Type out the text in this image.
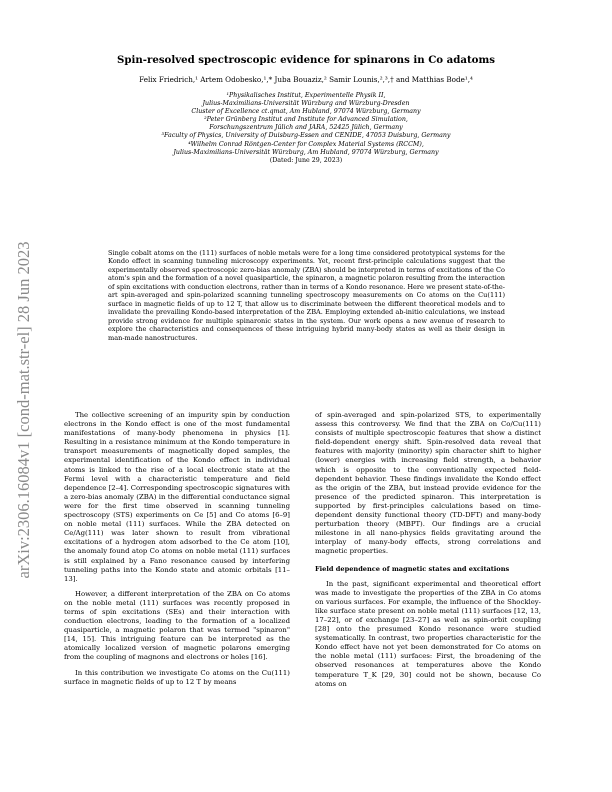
arXiv:2306.16084v1 [cond-mat.str-el] 28 Jun 2023
Spin-resolved spectroscopic evidence for spinarons in Co adatoms
Felix Friedrich,¹ Artem Odobesko,¹,* Juba Bouaziz,² Samir Lounis,²,³,† and Matthias Bode¹,⁴
¹Physikalisches Institut, Experimentelle Physik II,
Julius-Maximilians-Universität Würzburg and Würzburg-Dresden
Cluster of Excellence ct.qmat, Am Hubland, 97074 Würzburg, Germany
²Peter Grünberg Institut and Institute for Advanced Simulation,
Forschungszentrum Jülich and JARA, 52425 Jülich, Germany
³Faculty of Physics, University of Duisburg-Essen and CENIDE, 47053 Duisburg, Germany
⁴Wilhelm Conrad Röntgen-Center for Complex Material Systems (RCCM),
Julius-Maximilians-Universität Würzburg, Am Hubland, 97074 Würzburg, Germany
(Dated: June 29, 2023)
Single cobalt atoms on the (111) surfaces of noble metals were for a long time considered prototypical systems for the Kondo effect in scanning tunneling microscopy experiments. Yet, recent first-principle calculations suggest that the experimentally observed spectroscopic zero-bias anomaly (ZBA) should be interpreted in terms of excitations of the Co atom's spin and the formation of a novel quasiparticle, the spinaron, a magnetic polaron resulting from the interaction of spin excitations with conduction electrons, rather than in terms of a Kondo resonance. Here we present state-of-the-art spin-averaged and spin-polarized scanning tunneling spectroscopy measurements on Co atoms on the Cu(111) surface in magnetic fields of up to 12 T, that allow us to discriminate between the different theoretical models and to invalidate the prevailing Kondo-based interpretation of the ZBA. Employing extended ab-initio calculations, we instead provide strong evidence for multiple spinaronic states in the system. Our work opens a new avenue of research to explore the characteristics and consequences of these intriguing hybrid many-body states as well as their design in man-made nanostructures.

The collective screening of an impurity spin by conduction electrons in the Kondo effect is one of the most fundamental manifestations of many-body phenomena in physics [1]. Resulting in a resistance minimum at the Kondo temperature in transport measurements of magnetically doped samples, the experimental identification of the Kondo effect in individual atoms is linked to the rise of a local electronic state at the Fermi level with a characteristic temperature and field dependence [2–4]. Corresponding spectroscopic signatures with a zero-bias anomaly (ZBA) in the differential conductance signal were for the first time observed in scanning tunneling spectroscopy (STS) experiments on Ce [5] and Co atoms [6–9] on noble metal (111) surfaces. While the ZBA detected on Ce/Ag(111) was later shown to result from vibrational excitations of a hydrogen atom adsorbed to the Ce atom [10], the anomaly found atop Co atoms on noble metal (111) surfaces is still explained by a Fano resonance caused by interfering tunneling paths into the Kondo state and atomic orbitals [11–13].

However, a different interpretation of the ZBA on Co atoms on the noble metal (111) surfaces was recently proposed in terms of spin excitations (SEs) and their interaction with conduction electrons, leading to the formation of a localized quasiparticle, a magnetic polaron that was termed "spinaron" [14, 15]. This intriguing feature can be interpreted as the atomically localized version of magnetic polarons emerging from the coupling of magnons and electrons or holes [16].

In this contribution we investigate Co atoms on the Cu(111) surface in magnetic fields of up to 12 T by means

of spin-averaged and spin-polarized STS, to experimentally assess this controversy. We find that the ZBA on Co/Cu(111) consists of multiple spectroscopic features that show a distinct field-dependent energy shift. Spin-resolved data reveal that features with majority (minority) spin character shift to higher (lower) energies with increasing field strength, a behavior which is opposite to the conventionally expected field-dependent behavior. These findings invalidate the Kondo effect as the origin of the ZBA, but instead provide evidence for the presence of the predicted spinaron. This interpretation is supported by first-principles calculations based on time-dependent density functional theory (TD-DFT) and many-body perturbation theory (MBPT). Our findings are a crucial milestone in all nano-physics fields gravitating around the interplay of many-body effects, strong correlations and magnetic properties.

Field dependence of magnetic states and excitations

In the past, significant experimental and theoretical effort was made to investigate the properties of the ZBA in Co atoms on various surfaces. For example, the influence of the Shockley-like surface state present on noble metal (111) surfaces [12, 13, 17–22], or of exchange [23–27] as well as spin-orbit coupling [28] onto the presumed Kondo resonance were studied systematically. In contrast, two properties characteristic for the Kondo effect have not yet been demonstrated for Co atoms on the noble metal (111) surfaces: First, the broadening of the observed resonances at temperatures above the Kondo temperature T_K [29, 30] could not be shown, because Co atoms on
